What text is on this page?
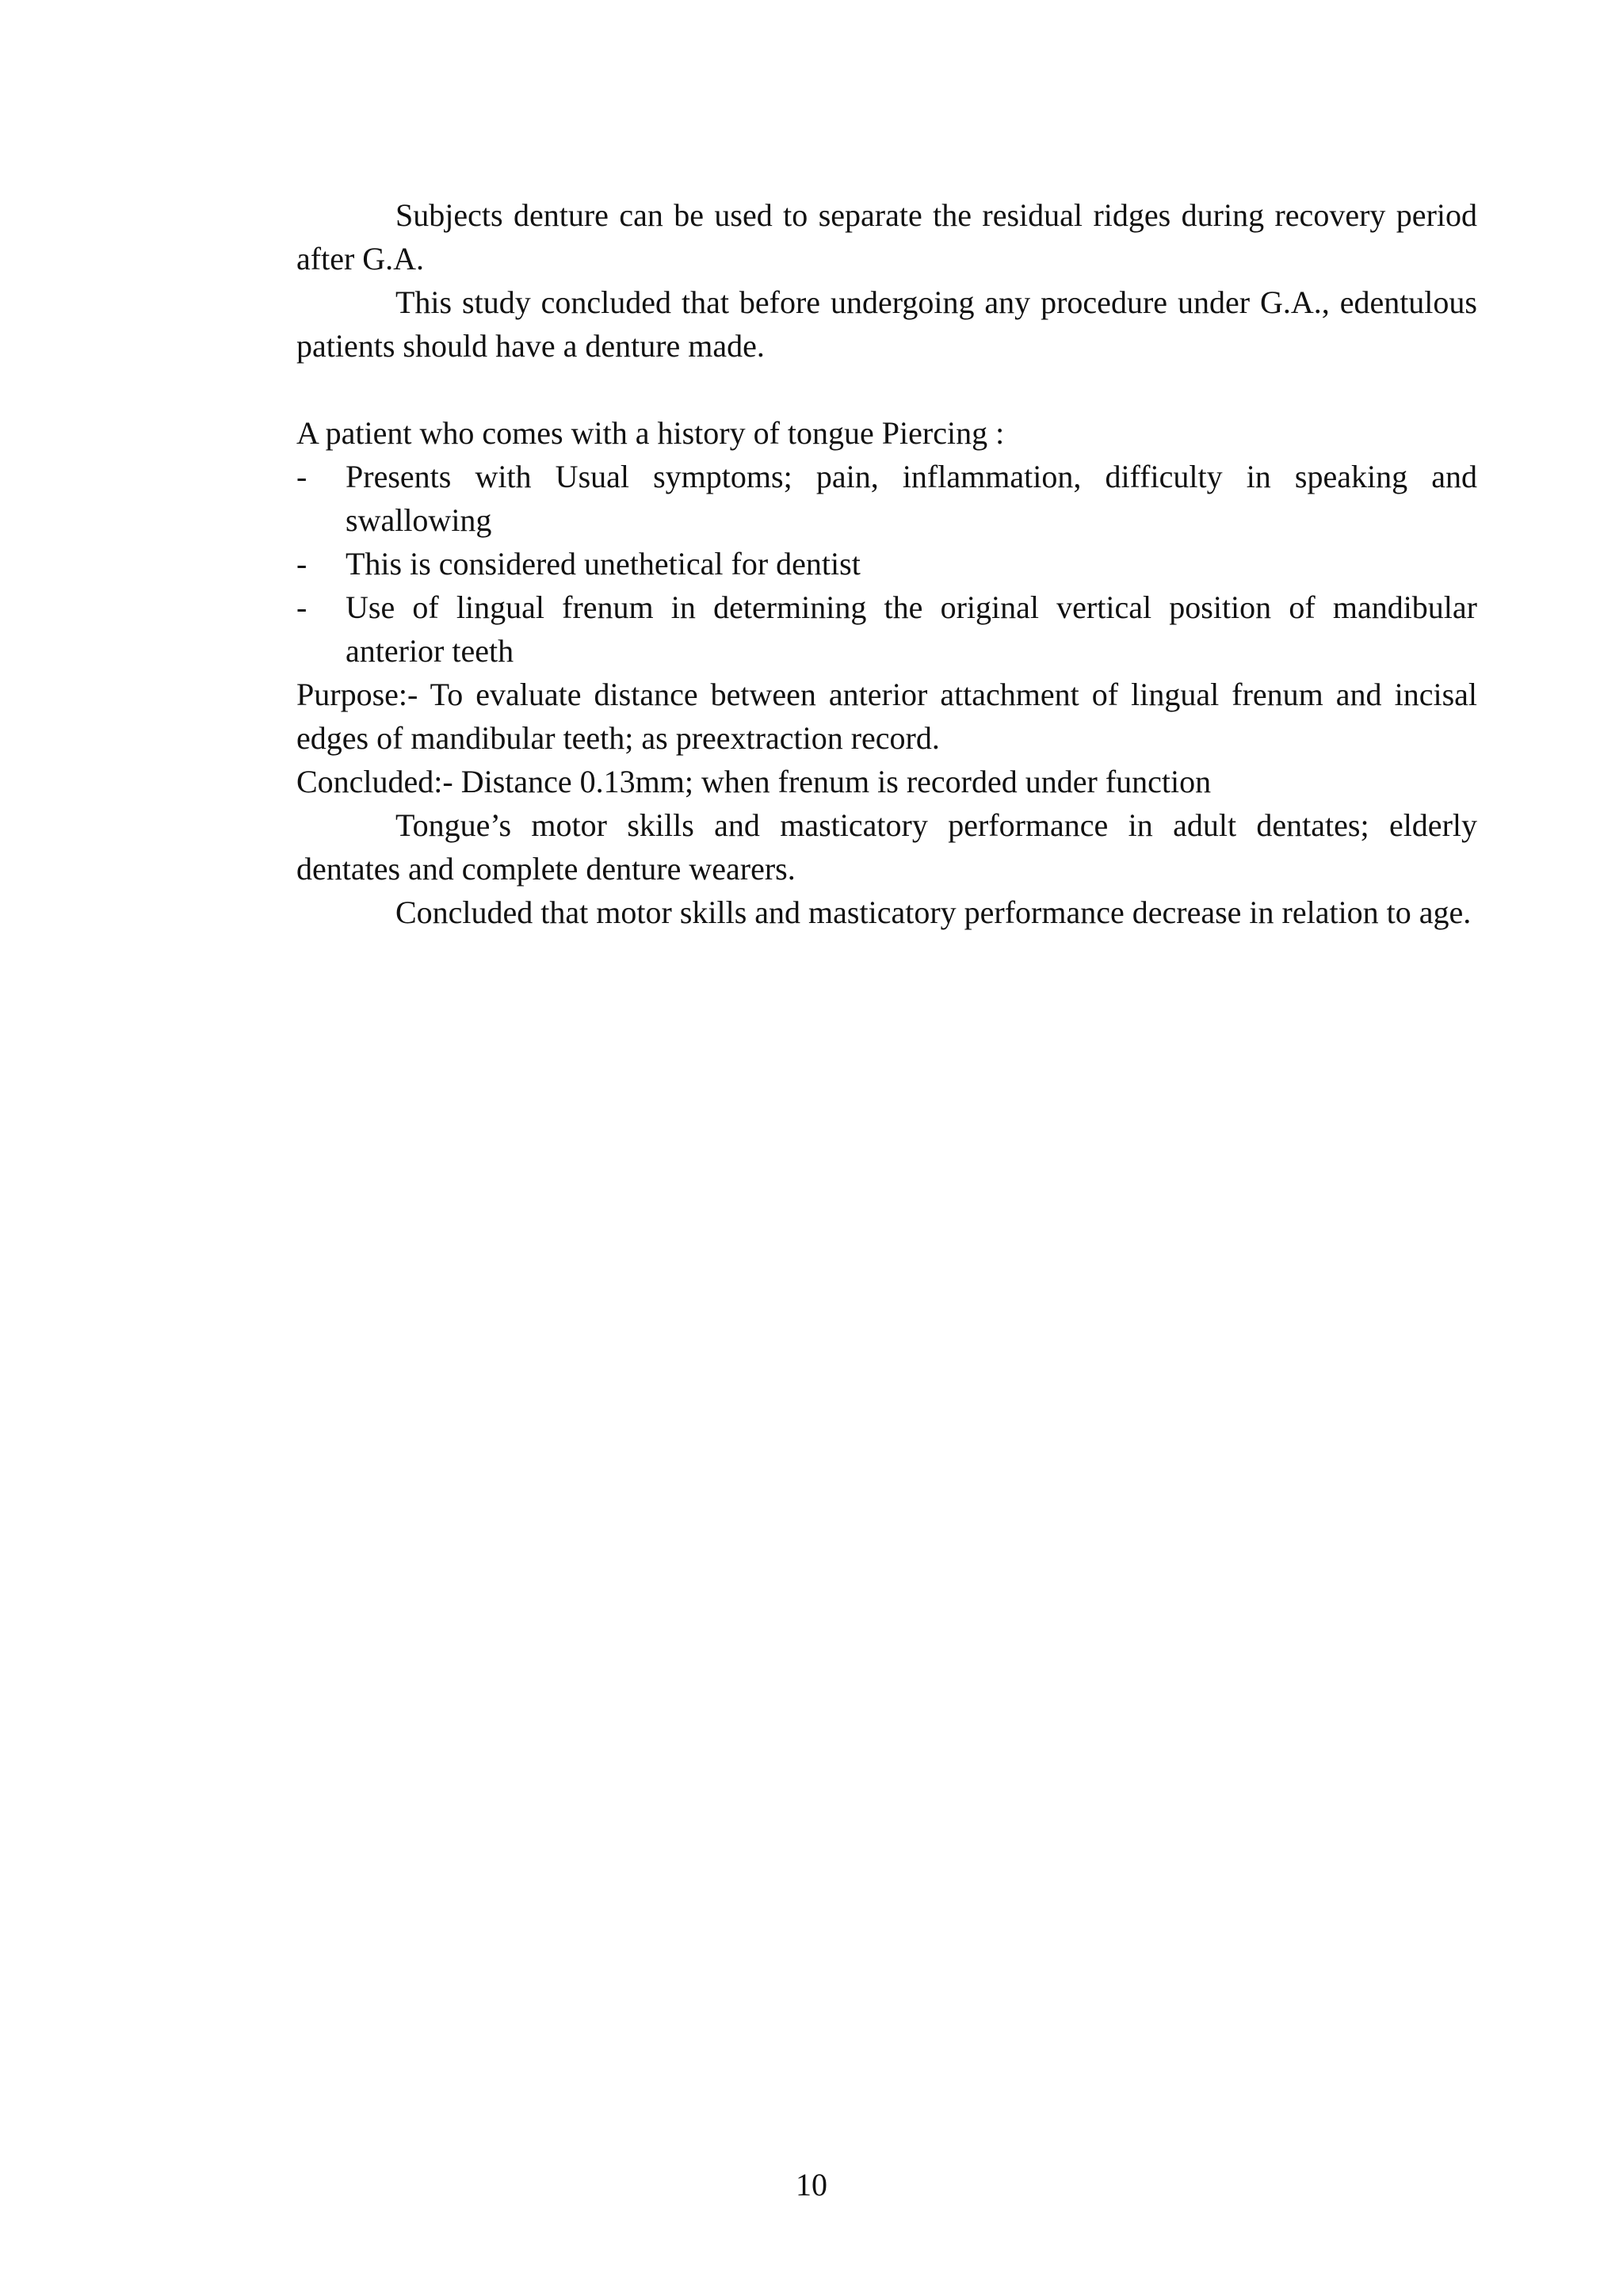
Subjects denture can be used to separate the residual ridges during recovery period after G.A.

This study concluded that before undergoing any procedure under G.A., edentulous patients should have a denture made.

A patient who comes with a history of tongue Piercing :

-	Presents with Usual symptoms; pain, inflammation, difficulty in speaking and swallowing
-	This is considered unethetical for dentist
-	Use of lingual frenum in determining the original vertical position of mandibular anterior teeth

Purpose:- To evaluate distance between anterior attachment of lingual frenum and incisal edges of mandibular teeth; as preextraction record.

Concluded:- Distance 0.13mm; when frenum is recorded under function

Tongue’s motor skills and masticatory performance in adult dentates; elderly dentates and complete denture wearers.

Concluded that motor skills and masticatory performance decrease in relation to age.

10
